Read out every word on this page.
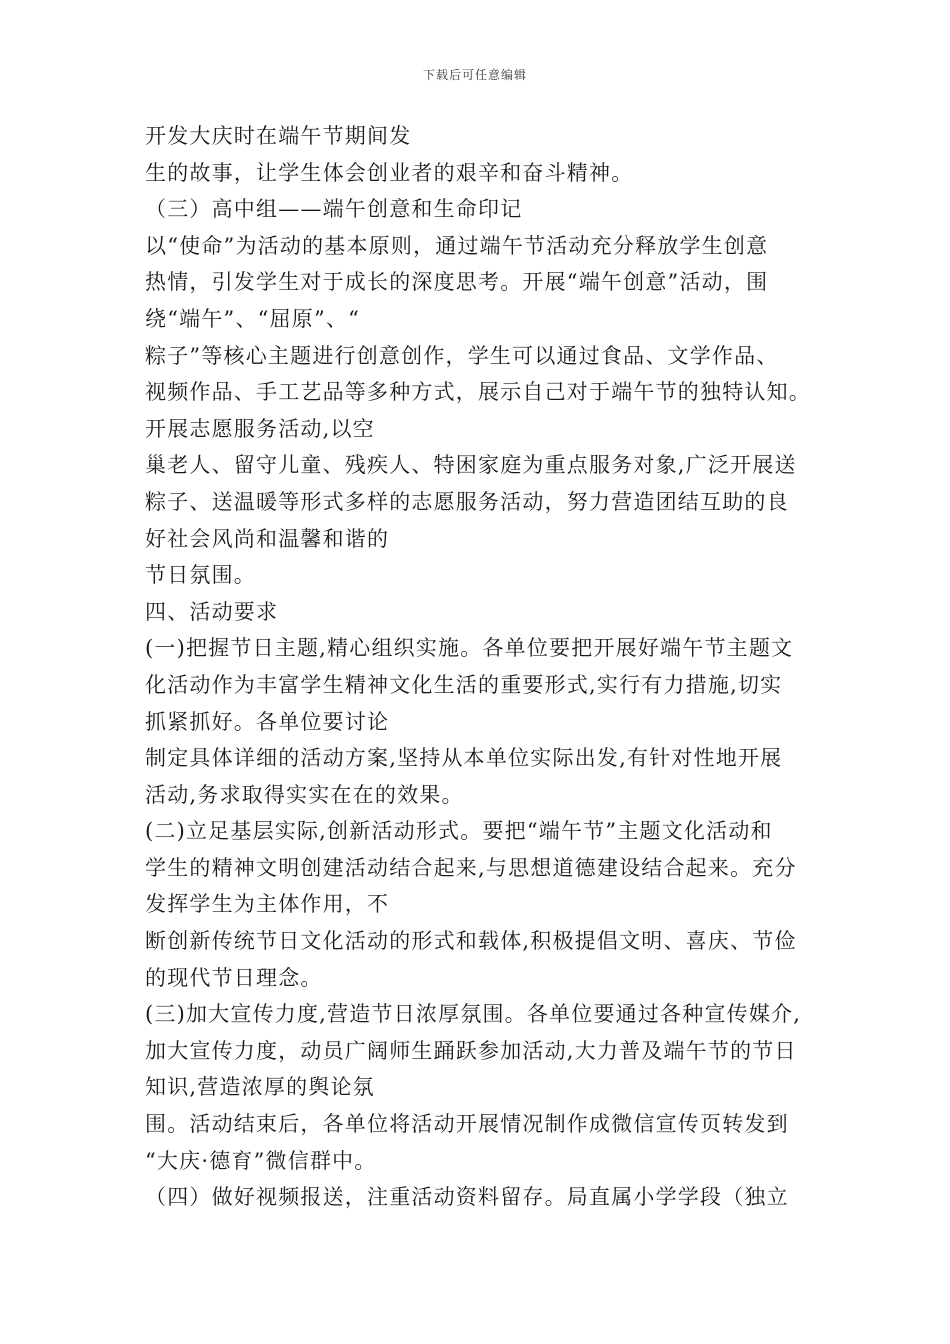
下载后可任意编辑
开发大庆时在端午节期间发
生的故事，让学生体会创业者的艰辛和奋斗精神。
（三）高中组——端午创意和生命印记
以“使命”为活动的基本原则，通过端午节活动充分释放学生创意
热情，引发学生对于成长的深度思考。开展“端午创意”活动，围
绕“端午”、“屈原”、“
粽子”等核心主题进行创意创作，学生可以通过食品、文学作品、
视频作品、手工艺品等多种方式，展示自己对于端午节的独特认知。
开展志愿服务活动,以空
巢老人、留守儿童、残疾人、特困家庭为重点服务对象,广泛开展送
粽子、送温暖等形式多样的志愿服务活动，努力营造团结互助的良
好社会风尚和温馨和谐的
节日氛围。
四、活动要求
(一)把握节日主题,精心组织实施。各单位要把开展好端午节主题文
化活动作为丰富学生精神文化生活的重要形式,实行有力措施,切实
抓紧抓好。各单位要讨论
制定具体详细的活动方案,坚持从本单位实际出发,有针对性地开展
活动,务求取得实实在在的效果。
(二)立足基层实际,创新活动形式。要把“端午节”主题文化活动和
学生的精神文明创建活动结合起来,与思想道德建设结合起来。充分
发挥学生为主体作用，不
断创新传统节日文化活动的形式和载体,积极提倡文明、喜庆、节俭
的现代节日理念。
(三)加大宣传力度,营造节日浓厚氛围。各单位要通过各种宣传媒介,
加大宣传力度，动员广阔师生踊跃参加活动,大力普及端午节的节日
知识,营造浓厚的舆论氛
围。活动结束后，各单位将活动开展情况制作成微信宣传页转发到
“大庆·德育”微信群中。
（四）做好视频报送，注重活动资料留存。局直属小学学段（独立
